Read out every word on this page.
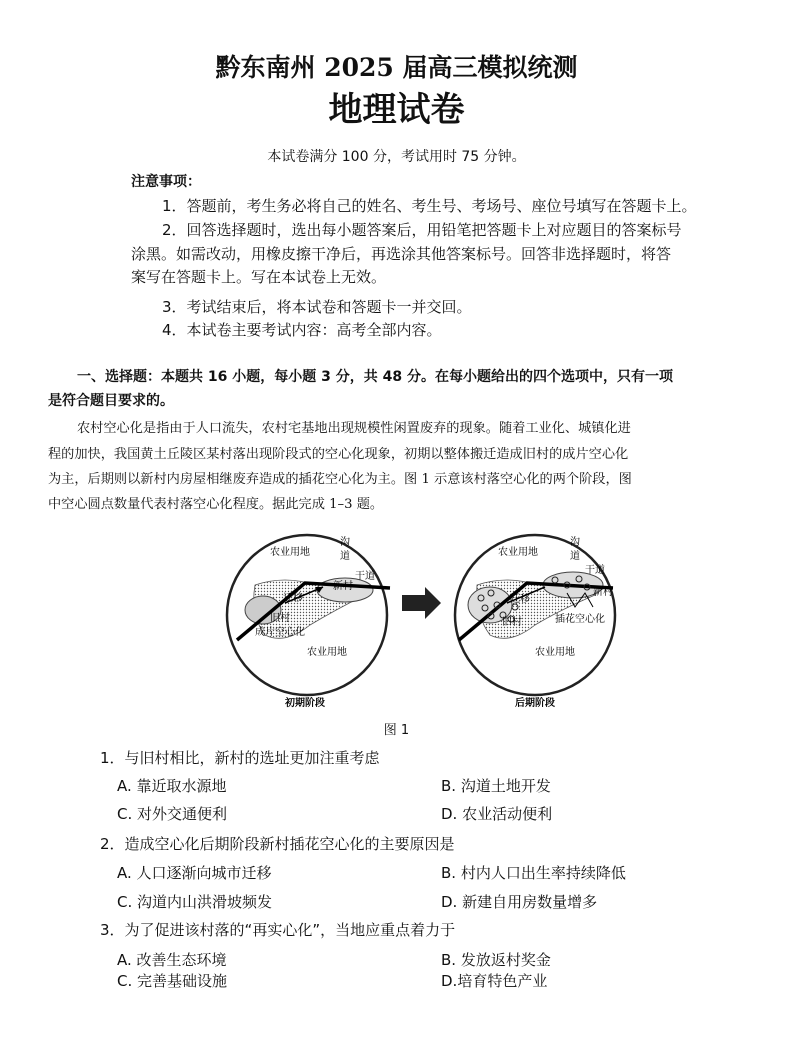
黔东南州 2025 届高三模拟统测
地理试卷
本试卷满分 100 分，考试用时 75 分钟。
注意事项：
1．答题前，考生务必将自己的姓名、考生号、考场号、座位号填写在答题卡上。
2．回答选择题时，选出每小题答案后，用铅笔把答题卡上对应题目的答案标号
涂黑。如需改动，用橡皮擦干净后，再选涂其他答案标号。回答非选择题时，将答
案写在答题卡上。写在本试卷上无效。
3．考试结束后，将本试卷和答题卡一并交回。
4．本试卷主要考试内容：高考全部内容。
一、选择题：本题共 16 小题，每小题 3 分，共 48 分。在每小题给出的四个选项中，只有一项
是符合题目要求的。
农村空心化是指由于人口流失，农村宅基地出现规模性闲置废弃的现象。随着工业化、城镇化进
程的加快，我国黄土丘陵区某村落出现阶段式的空心化现象，初期以整体搬迁造成旧村的成片空心化
为主，后期则以新村内房屋相继废弃造成的插花空心化为主。图 1 示意该村落空心化的两个阶段，图
中空心圆点数量代表村落空心化程度。据此完成 1–3 题。
农业用地
沟
道
干道
新村
迁移
旧村
成片空心化
农业用地
初期阶段
农业用地
沟
道
干道
新村
迁移
旧村	插花空心化
农业用地
后期阶段
图 1
1．与旧村相比，新村的选址更加注重考虑
A. 靠近取水源地	B. 沟道土地开发
C. 对外交通便利	D. 农业活动便利
2．造成空心化后期阶段新村插花空心化的主要原因是
A. 人口逐渐向城市迁移	B. 村内人口出生率持续降低
C. 沟道内山洪滑坡频发	D. 新建自用房数量增多
3．为了促进该村落的“再实心化”，当地应重点着力于
A. 改善生态环境	B. 发放返村奖金
C. 完善基础设施	D.培育特色产业
